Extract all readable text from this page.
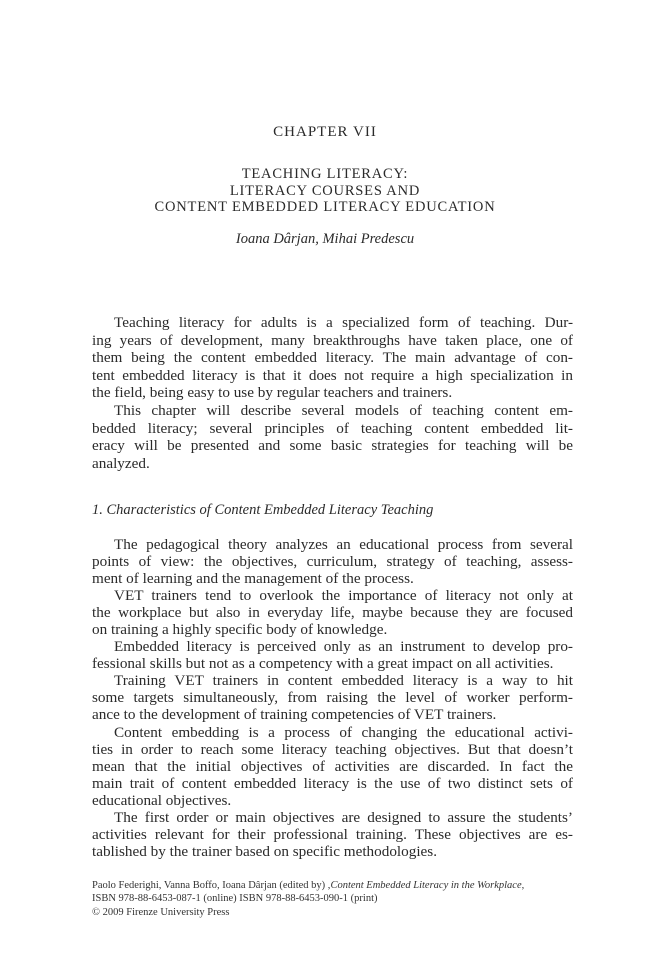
CHAPTER VII
TEACHING LITERACY:
LITERACY COURSES AND
CONTENT EMBEDDED LITERACY EDUCATION
Ioana Dârjan, Mihai Predescu
Teaching literacy for adults is a specialized form of teaching. Dur-
ing years of development, many breakthroughs have taken place, one of
them being the content embedded literacy. The main advantage of con-
tent embedded literacy is that it does not require a high specialization in
the field, being easy to use by regular teachers and trainers.
This chapter will describe several models of teaching content em-
bedded literacy; several principles of teaching content embedded lit-
eracy will be presented and some basic strategies for teaching will be
analyzed.
1. Characteristics of Content Embedded Literacy Teaching
The pedagogical theory analyzes an educational process from several
points of view: the objectives, curriculum, strategy of teaching, assess-
ment of learning and the management of the process.
VET trainers tend to overlook the importance of literacy not only at
the workplace but also in everyday life, maybe because they are focused
on training a highly specific body of knowledge.
Embedded literacy is perceived only as an instrument to develop pro-
fessional skills but not as a competency with a great impact on all activities.
Training VET trainers in content embedded literacy is a way to hit
some targets simultaneously, from raising the level of worker perform-
ance to the development of training competencies of VET trainers.
Content embedding is a process of changing the educational activi-
ties in order to reach some literacy teaching objectives. But that doesn’t
mean that the initial objectives of activities are discarded. In fact the
main trait of content embedded literacy is the use of two distinct sets of
educational objectives.
The first order or main objectives are designed to assure the students’
activities relevant for their professional training. These objectives are es-
tablished by the trainer based on specific methodologies.
Paolo Federighi, Vanna Boffo, Ioana Dârjan (edited by) ,Content Embedded Literacy in the Workplace,
ISBN 978-88-6453-087-1 (online) ISBN 978-88-6453-090-1 (print)
© 2009 Firenze University Press
